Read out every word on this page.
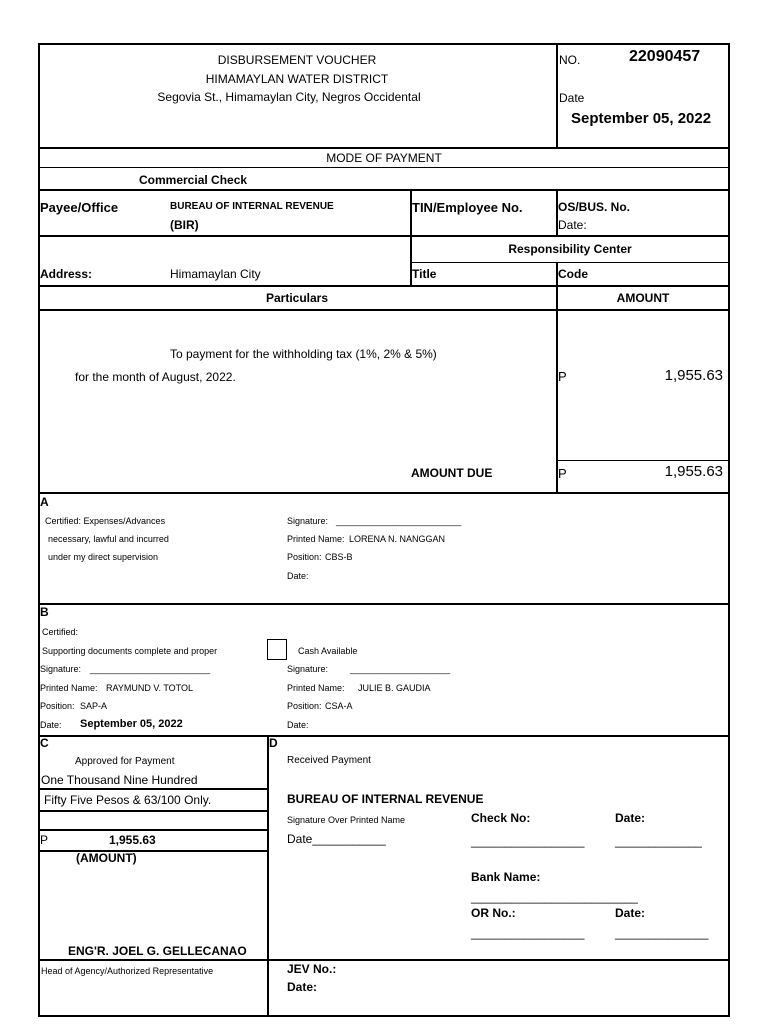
DISBURSEMENT VOUCHER
HIMAMAYLAN WATER DISTRICT
Segovia St., Himamaylan City, Negros Occidental
NO.	22090457
Date
September 05, 2022
MODE OF PAYMENT
Commercial Check
Payee/Office	BUREAU OF INTERNAL REVENUE
(BIR)
TIN/Employee No.	OS/BUS. No.
Date:
Responsibility Center
Address:	Himamaylan City	Title	Code
Particulars	AMOUNT
To payment for the withholding tax (1%, 2% & 5%)
for the month of August, 2022.	P	1,955.63
AMOUNT DUE	P	1,955.63
A
Certified: Expenses/Advances
necessary, lawful and incurred
under my direct supervision
Signature: _________________________
Printed Name: LORENA N. NANGGAN
Position: CBS-B
Date:
B
Certified:
Supporting documents complete and proper	Cash Available
Signature: ________________________
Printed Name: RAYMUND V. TOTOL
Position: SAP-A
Date: September 05, 2022
Signature: ____________________
Printed Name: JULIE B. GAUDIA
Position: CSA-A
Date:
C
Approved for Payment
One Thousand Nine Hundred
Fifty Five Pesos & 63/100 Only.
P	1,955.63
(AMOUNT)
ENG'R. JOEL G. GELLECANAO
Head of Agency/Authorized Representative
D
Received Payment
BUREAU OF INTERNAL REVENUE
Signature Over Printed Name
Date___________
Check No:	Date:
_________________	_____________
Bank Name:
_________________________
OR No.:	Date:
_________________	______________
JEV No.:
Date:
